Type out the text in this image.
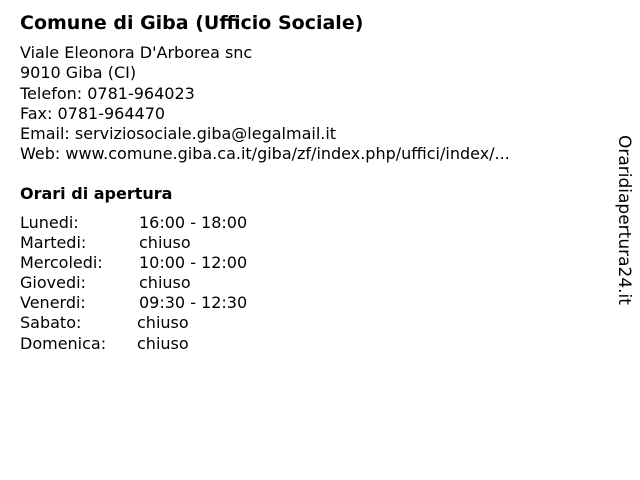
Comune di Giba (Ufficio Sociale)
Viale Eleonora D'Arborea snc
9010 Giba (CI)
Telefon: 0781-964023
Fax: 0781-964470
Email: serviziosociale.giba@legalmail.it
Web: www.comune.giba.ca.it/giba/zf/index.php/uffici/index/...
Orari di apertura
Lunedi:	16:00 - 18:00
Martedi:	chiuso
Mercoledi: 10:00 - 12:00
Giovedi:	chiuso
Venerdi:	09:30 - 12:30
Sabato:	chiuso
Domenica: chiuso
Oraridiapertura24.it
